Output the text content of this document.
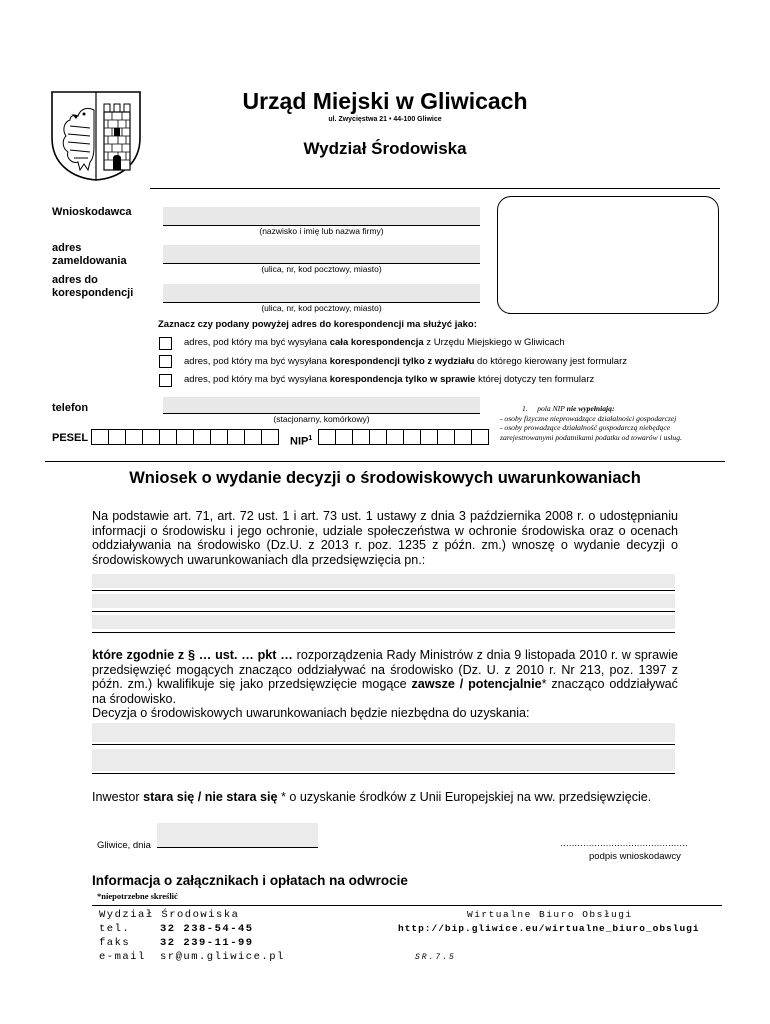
Urząd Miejski w Gliwicach
ul. Zwycięstwa 21 • 44-100 Gliwice
Wydział Środowiska
Wnioskodawca
(nazwisko i imię lub nazwa firmy)
adres
zameldowania
(ulica, nr, kod pocztowy, miasto)
adres do
korespondencji
(ulica, nr, kod pocztowy, miasto)
Zaznacz czy podany powyżej adres do korespondencji ma służyć jako:
adres, pod który ma być wysyłana cała korespondencja z Urzędu Miejskiego w Gliwicach
adres, pod który ma być wysyłana korespondencji tylko z wydziału do którego kierowany jest formularz
adres, pod który ma być wysyłana korespondencja tylko w sprawie której dotyczy ten formularz
telefon
(stacjonarny, komórkowy)
PESEL	NIP$^1$
1. pola NIP nie wypełniają:
- osoby fizyczne nieprowadzące działalności gospodarczej
- osoby prowadzące działalność gospodarczą niebędące
zarejestrowanymi podatnikami podatku od towarów i usług.
Wniosek o wydanie decyzji o środowiskowych uwarunkowaniach
Na podstawie art. 71, art. 72 ust. 1 i art. 73 ust. 1 ustawy z dnia 3 października 2008 r. o udostępnianiu informacji o środowisku i jego ochronie, udziale społeczeństwa w ochronie środowiska oraz o ocenach oddziaływania na środowisko (Dz.U. z 2013 r. poz. 1235 z późn. zm.) wnoszę o wydanie decyzji o środowiskowych uwarunkowaniach dla przedsięwzięcia pn.:
które zgodnie z § … ust. … pkt … rozporządzenia Rady Ministrów z dnia 9 listopada 2010 r. w sprawie przedsięwzięć mogących znacząco oddziaływać na środowisko (Dz. U. z 2010 r. Nr 213, poz. 1397 z późn. zm.) kwalifikuje się jako przedsięwzięcie mogące zawsze / potencjalnie* znacząco oddziaływać na środowisko.
Decyzja o środowiskowych uwarunkowaniach będzie niezbędna do uzyskania:
Inwestor stara się / nie stara się * o uzyskanie środków z Unii Europejskiej na ww. przedsięwzięcie.
Gliwice, dnia	………………………………………
podpis wnioskodawcy
Informacja o załącznikach i opłatach na odwrocie
*niepotrzebne skreślić
Wydział Środowiska
tel.	32 238-54-45
faks	32 239-11-99
e-mail sr@um.gliwice.pl
Wirtualne Biuro Obsługi
http://bip.gliwice.eu/wirtualne_biuro_obslugi
SR.7.5
